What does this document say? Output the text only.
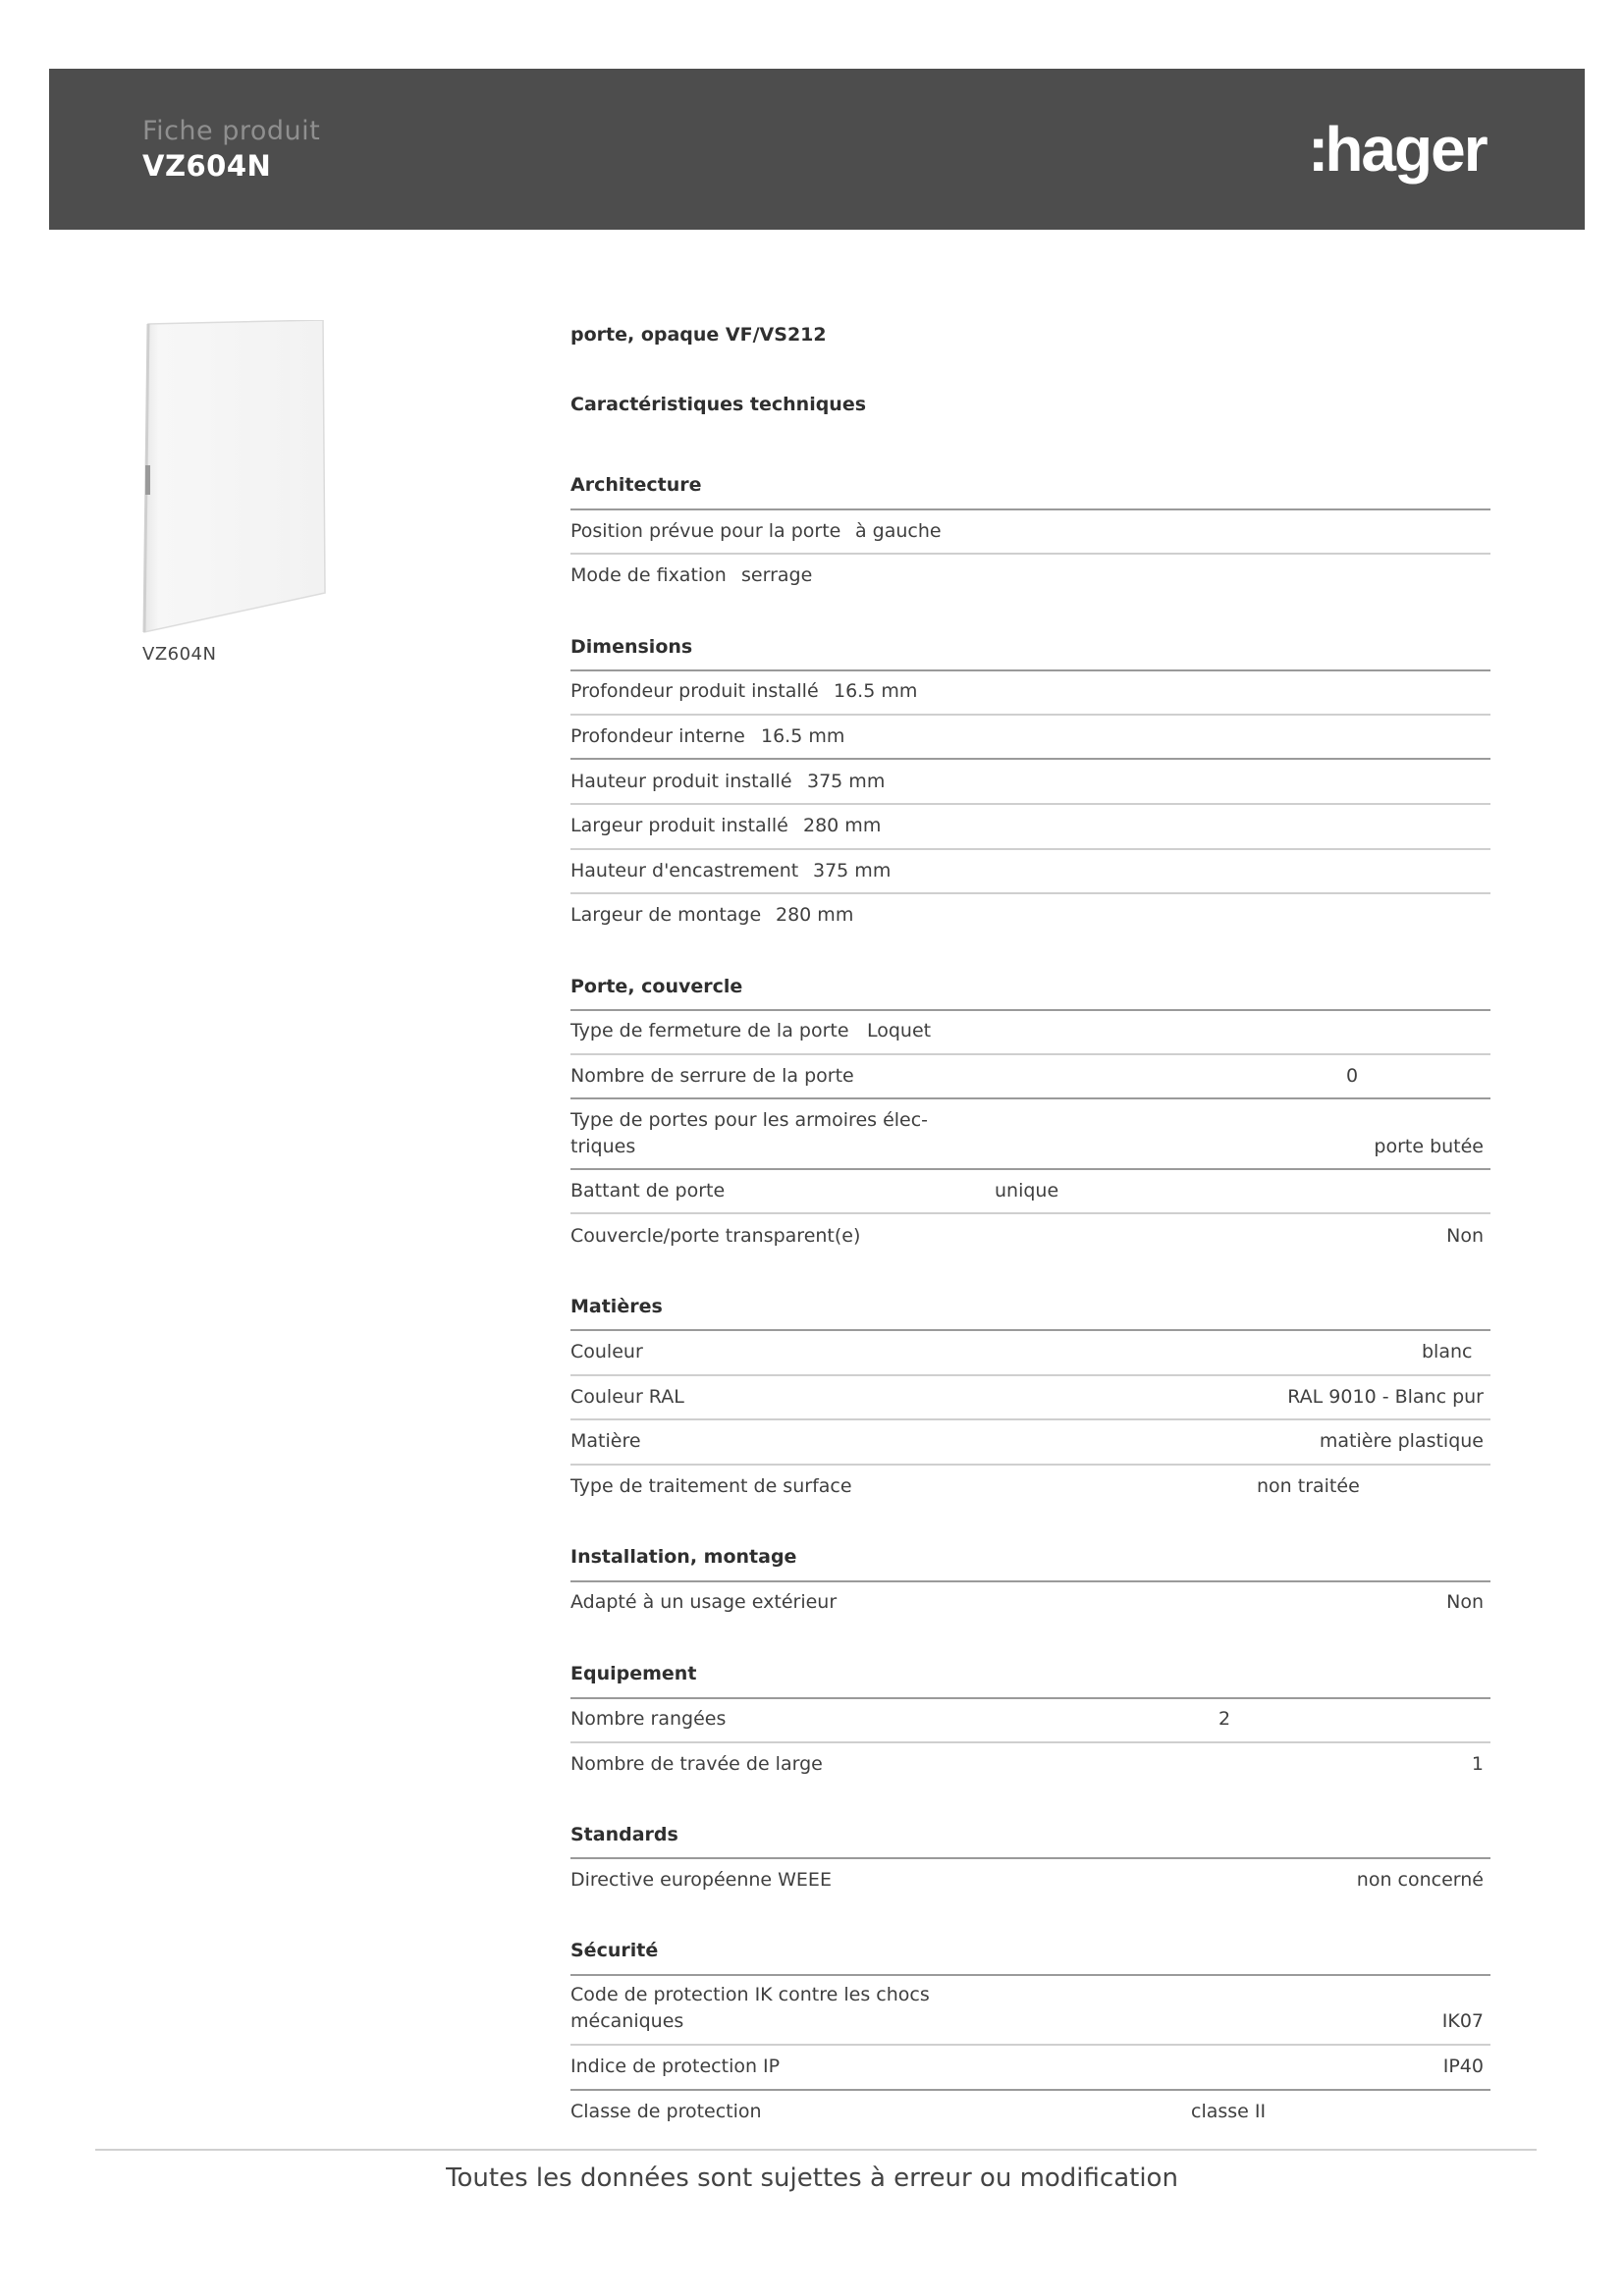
Fiche produit
VZ604N	:hager
VZ604N
porte, opaque VF/VS212
Caractéristiques techniques
Architecture
Position prévue pour la porte à gauche
Mode de fixation serrage
Dimensions
Profondeur produit installé 16.5 mm
Profondeur interne 16.5 mm
Hauteur produit installé 375 mm
Largeur produit installé 280 mm
Hauteur d'encastrement 375 mm
Largeur de montage 280 mm
Porte, couvercle
Type de fermeture de la porte Loquet
Nombre de serrure de la porte	0
Type de portes pour les armoires élec-
triques	porte butée
Battant de porte	unique
Couvercle/porte transparent(e)	Non
Matières
Couleur	blanc
Couleur RAL	RAL 9010 - Blanc pur
Matière	matière plastique
Type de traitement de surface	non traitée
Installation, montage
Adapté à un usage extérieur	Non
Equipement
Nombre rangées	2
Nombre de travée de large	1
Standards
Directive européenne WEEE	non concerné
Sécurité
Code de protection IK contre les chocs
mécaniques	IK07
Indice de protection IP	IP40
Classe de protection	classe II
Toutes les données sont sujettes à erreur ou modification
